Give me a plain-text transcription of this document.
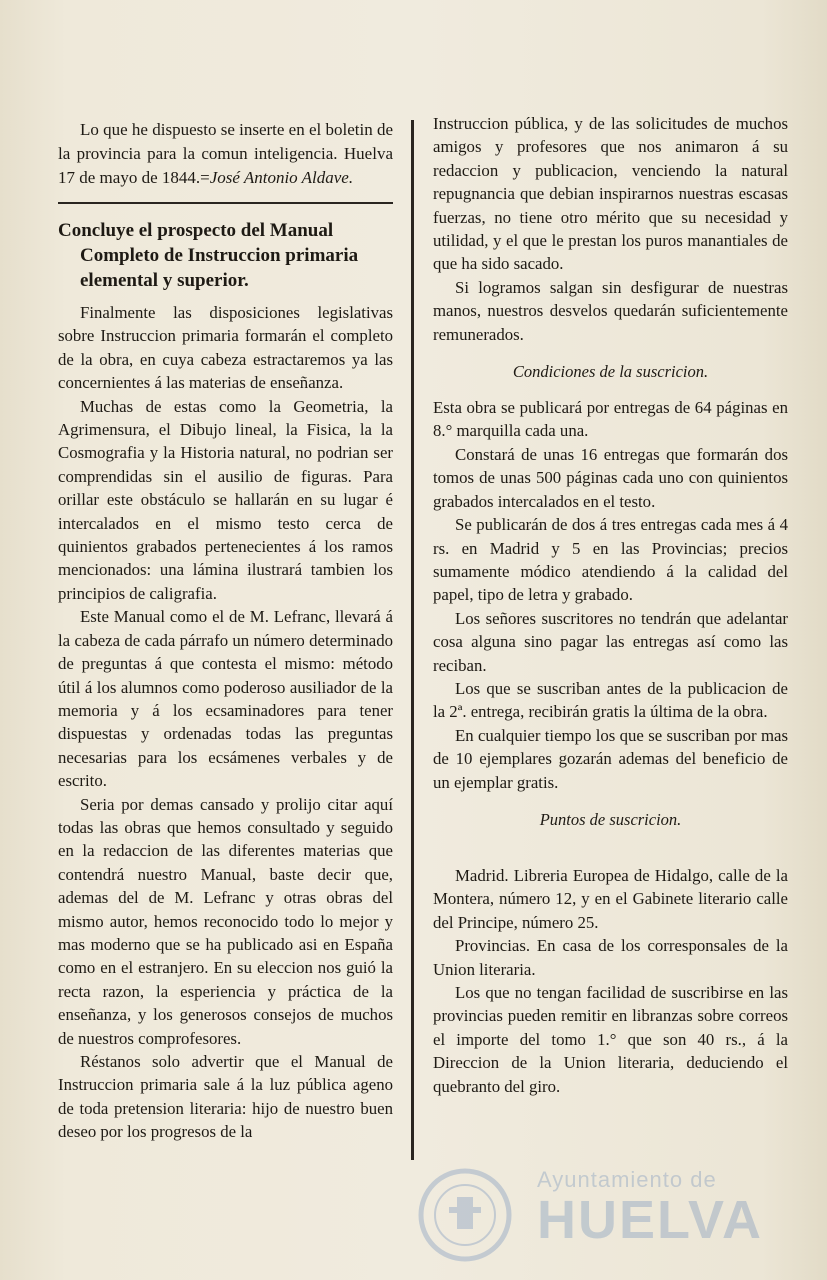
Lo que he dispuesto se inserte en el boletin de la provincia para la comun inteligencia. Huelva 17 de mayo de 1844.=José Antonio Aldave.

Concluye el prospecto del Manual
Completo de Instruccion primaria
elemental y superior.

Finalmente las disposiciones legislativas sobre Instruccion primaria formarán el completo de la obra, en cuya cabeza estractaremos ya las concernientes á las materias de enseñanza.

Muchas de estas como la Geometria, la Agrimensura, el Dibujo lineal, la Fisica, la la Cosmografia y la Historia natural, no podrian ser comprendidas sin el ausilio de figuras. Para orillar este obstáculo se hallarán en su lugar é intercalados en el mismo testo cerca de quinientos grabados pertenecientes á los ramos mencionados: una lámina ilustrará tambien los principios de caligrafia.

Este Manual como el de M. Lefranc, llevará á la cabeza de cada párrafo un número determinado de preguntas á que contesta el mismo: método útil á los alumnos como poderoso ausiliador de la memoria y á los ecsaminadores para tener dispuestas y ordenadas todas las preguntas necesarias para los ecsámenes verbales y de escrito.

Seria por demas cansado y prolijo citar aquí todas las obras que hemos consultado y seguido en la redaccion de las diferentes materias que contendrá nuestro Manual, baste decir que, ademas del de M. Lefranc y otras obras del mismo autor, hemos reconocido todo lo mejor y mas moderno que se ha publicado asi en España como en el estranjero. En su eleccion nos guió la recta razon, la esperiencia y práctica de la enseñanza, y los generosos consejos de muchos de nuestros comprofesores.

Réstanos solo advertir que el Manual de Instruccion primaria sale á la luz pública ageno de toda pretension literaria: hijo de nuestro buen deseo por los progresos de la

Instruccion pública, y de las solicitudes de muchos amigos y profesores que nos animaron á su redaccion y publicacion, venciendo la natural repugnancia que debian inspirarnos nuestras escasas fuerzas, no tiene otro mérito que su necesidad y utilidad, y el que le prestan los puros manantiales de que ha sido sacado.

Si logramos salgan sin desfigurar de nuestras manos, nuestros desvelos quedarán suficientemente remunerados.

Condiciones de la suscricion.

Esta obra se publicará por entregas de 64 páginas en 8.° marquilla cada una.

Constará de unas 16 entregas que formarán dos tomos de unas 500 páginas cada uno con quinientos grabados intercalados en el testo.

Se publicarán de dos á tres entregas cada mes á 4 rs. en Madrid y 5 en las Provincias; precios sumamente módico atendiendo á la calidad del papel, tipo de letra y grabado.

Los señores suscritores no tendrán que adelantar cosa alguna sino pagar las entregas así como las reciban.

Los que se suscriban antes de la publicacion de la 2ª. entrega, recibirán gratis la última de la obra.

En cualquier tiempo los que se suscriban por mas de 10 ejemplares gozarán ademas del beneficio de un ejemplar gratis.

Puntos de suscricion.

Madrid. Libreria Europea de Hidalgo, calle de la Montera, número 12, y en el Gabinete literario calle del Principe, número 25.

Provincias. En casa de los corresponsales de la Union literaria.

Los que no tengan facilidad de suscribirse en las provincias pueden remitir en libranzas sobre correos el importe del tomo 1.° que son 40 rs., á la Direccion de la Union literaria, deduciendo el quebranto del giro.

Ayuntamiento de
HUELVA
